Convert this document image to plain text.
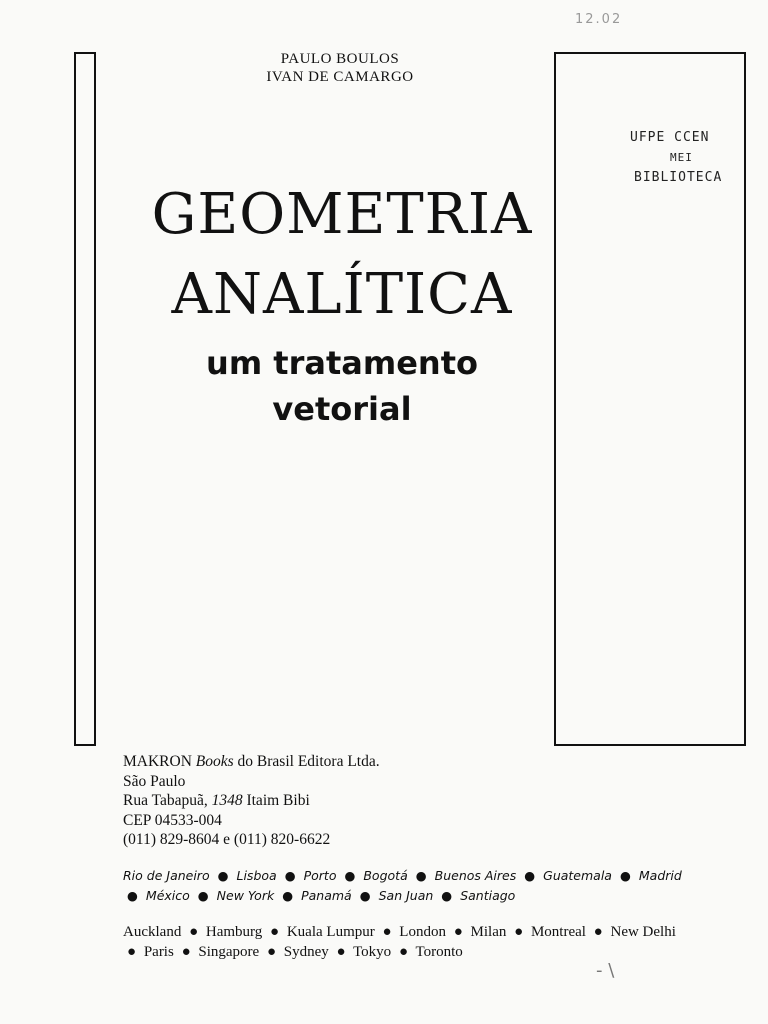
12.02
UFPE CCEN
MEI
BIBLIOTECA
PAULO BOULOS
IVAN DE CAMARGO
GEOMETRIA
ANALÍTICA
um tratamento
vetorial
MAKRON Books do Brasil Editora Ltda.
São Paulo
Rua Tabapuã, 1348 Itaim Bibi
CEP 04533-004
(011) 829-8604 e (011) 820-6622
Rio de Janeiro ● Lisboa ● Porto ● Bogotá ● Buenos Aires ● Guatemala ● Madrid ● México ● New York ● Panamá ● San Juan ● Santiago
Auckland ● Hamburg ● Kuala Lumpur ● London ● Milan ● Montreal ● New Delhi ● Paris ● Singapore ● Sydney ● Tokyo ● Toronto
- \
